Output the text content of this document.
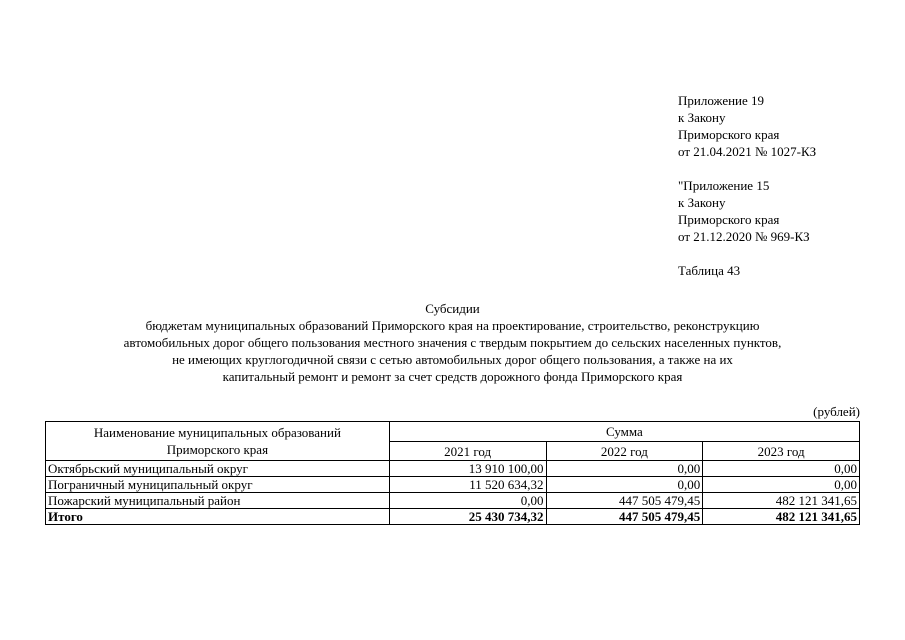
Приложение 19
к Закону
Приморского края
от 21.04.2021 № 1027-КЗ
"Приложение 15
к Закону
Приморского края
от 21.12.2020 № 969-КЗ
Таблица 43
Субсидии
бюджетам муниципальных образований Приморского края на проектирование, строительство, реконструкцию
автомобильных дорог общего пользования местного значения с твердым покрытием до сельских населенных пунктов,
не имеющих круглогодичной связи с сетью автомобильных дорог общего пользования, а также на их
капитальный ремонт и ремонт за счет средств дорожного фонда Приморского края
(рублей)
Наименование муниципальных образований
Приморского края	Сумма		
	2021 год	2022 год	2023 год
Октябрьский муниципальный округ	13 910 100,00	0,00	0,00
Пограничный муниципальный округ	11 520 634,32	0,00	0,00
Пожарский муниципальный район	0,00	447 505 479,45	482 121 341,65
Итого	25 430 734,32	447 505 479,45	482 121 341,65
